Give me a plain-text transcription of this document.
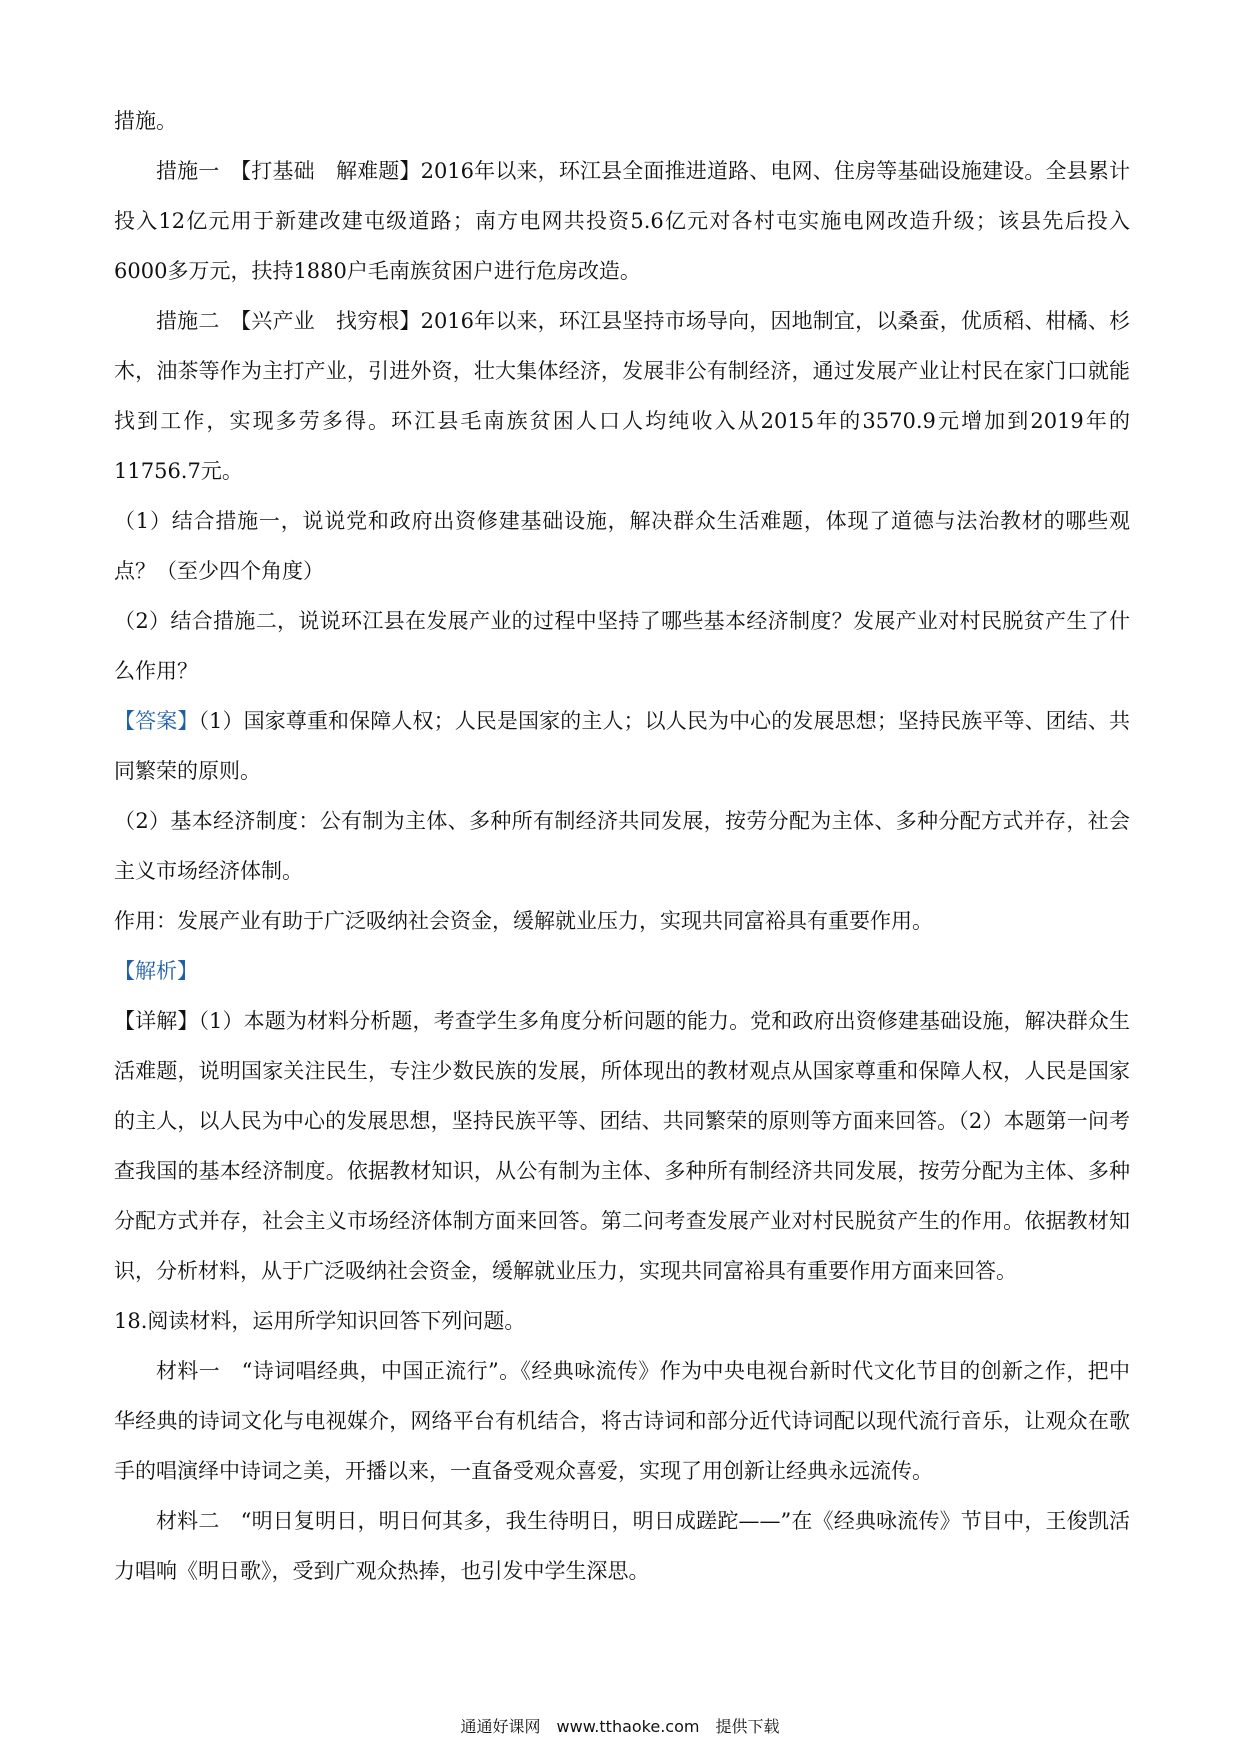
措施。

措施一　【打基础　解难题】2016年以来，环江县全面推进道路、电网、住房等基础设施建设。全县累计投入12亿元用于新建改建屯级道路；南方电网共投资5.6亿元对各村屯实施电网改造升级；该县先后投入6000多万元，扶持1880户毛南族贫困户进行危房改造。

措施二　【兴产业　找穷根】2016年以来，环江县坚持市场导向，因地制宜，以桑蚕，优质稻、柑橘、杉木，油茶等作为主打产业，引进外资，壮大集体经济，发展非公有制经济，通过发展产业让村民在家门口就能找到工作，实现多劳多得。环江县毛南族贫困人口人均纯收入从2015年的3570.9元增加到2019年的11756.7元。

（1）结合措施一，说说党和政府出资修建基础设施，解决群众生活难题，体现了道德与法治教材的哪些观点？（至少四个角度）

（2）结合措施二，说说环江县在发展产业的过程中坚持了哪些基本经济制度？发展产业对村民脱贫产生了什么作用？

【答案】（1）国家尊重和保障人权；人民是国家的主人；以人民为中心的发展思想；坚持民族平等、团结、共同繁荣的原则。

（2）基本经济制度：公有制为主体、多种所有制经济共同发展，按劳分配为主体、多种分配方式并存，社会主义市场经济体制。

作用：发展产业有助于广泛吸纳社会资金，缓解就业压力，实现共同富裕具有重要作用。

【解析】

【详解】（1）本题为材料分析题，考查学生多角度分析问题的能力。党和政府出资修建基础设施，解决群众生活难题，说明国家关注民生，专注少数民族的发展，所体现出的教材观点从国家尊重和保障人权，人民是国家的主人，以人民为中心的发展思想，坚持民族平等、团结、共同繁荣的原则等方面来回答。（2）本题第一问考查我国的基本经济制度。依据教材知识，从公有制为主体、多种所有制经济共同发展，按劳分配为主体、多种分配方式并存，社会主义市场经济体制方面来回答。第二问考查发展产业对村民脱贫产生的作用。依据教材知识，分析材料，从于广泛吸纳社会资金，缓解就业压力，实现共同富裕具有重要作用方面来回答。

18.阅读材料，运用所学知识回答下列问题。

材料一　“诗词唱经典，中国正流行”。《经典咏流传》作为中央电视台新时代文化节目的创新之作，把中华经典的诗词文化与电视媒介，网络平台有机结合，将古诗词和部分近代诗词配以现代流行音乐，让观众在歌手的唱演绎中诗词之美，开播以来，一直备受观众喜爱，实现了用创新让经典永远流传。

材料二　“明日复明日，明日何其多，我生待明日，明日成蹉跎——”在《经典咏流传》节目中，王俊凯活力唱响《明日歌》，受到广观众热捧，也引发中学生深思。

通通好课网　www.tthaoke.com　提供下载
